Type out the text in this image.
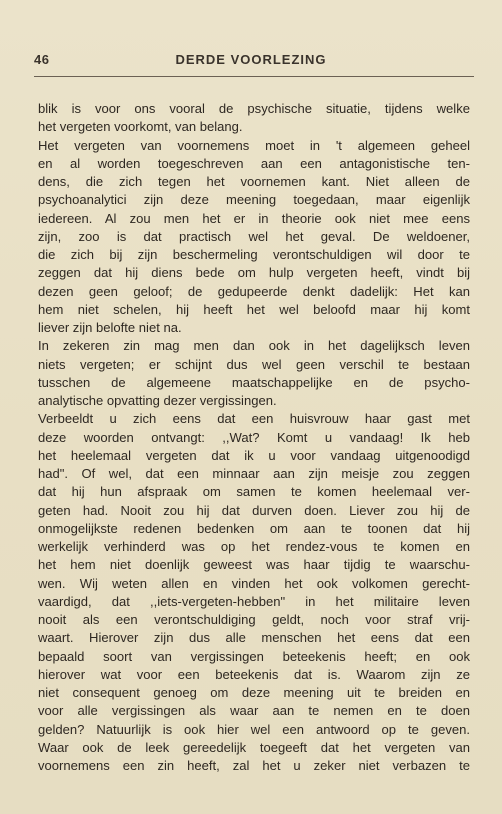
46	DERDE VOORLEZING
blik is voor ons vooral de psychische situatie, tijdens welke
het vergeten voorkomt, van belang.
Het vergeten van voornemens moet in 't algemeen geheel
en al worden toegeschreven aan een antagonistische ten-
dens, die zich tegen het voornemen kant. Niet alleen de
psychoanalytici zijn deze meening toegedaan, maar eigenlijk
iedereen. Al zou men het er in theorie ook niet mee eens
zijn, zoo is dat practisch wel het geval. De weldoener,
die zich bij zijn beschermeling verontschuldigen wil door te
zeggen dat hij diens bede om hulp vergeten heeft, vindt bij
dezen geen geloof; de gedupeerde denkt dadelijk: Het kan
hem niet schelen, hij heeft het wel beloofd maar hij komt
liever zijn belofte niet na.
In zekeren zin mag men dan ook in het dagelijksch leven
niets vergeten; er schijnt dus wel geen verschil te bestaan
tusschen de algemeene maatschappelijke en de psycho-
analytische opvatting dezer vergissingen.
Verbeeldt u zich eens dat een huisvrouw haar gast met
deze woorden ontvangt: ,,Wat? Komt u vandaag! Ik heb
het heelemaal vergeten dat ik u voor vandaag uitgenoodigd
had". Of wel, dat een minnaar aan zijn meisje zou zeggen
dat hij hun afspraak om samen te komen heelemaal ver-
geten had. Nooit zou hij dat durven doen. Liever zou hij de
onmogelijkste redenen bedenken om aan te toonen dat hij
werkelijk verhinderd was op het rendez-vous te komen en
het hem niet doenlijk geweest was haar tijdig te waarschu-
wen. Wij weten allen en vinden het ook volkomen gerecht-
vaardigd, dat ,,iets-vergeten-hebben" in het militaire leven
nooit als een verontschuldiging geldt, noch voor straf vrij-
waart. Hierover zijn dus alle menschen het eens dat een
bepaald soort van vergissingen beteekenis heeft; en ook
hierover wat voor een beteekenis dat is. Waarom zijn ze
niet consequent genoeg om deze meening uit te breiden en
voor alle vergissingen als waar aan te nemen en te doen
gelden? Natuurlijk is ook hier wel een antwoord op te geven.
Waar ook de leek gereedelijk toegeeft dat het vergeten van
voornemens een zin heeft, zal het u zeker niet verbazen te
